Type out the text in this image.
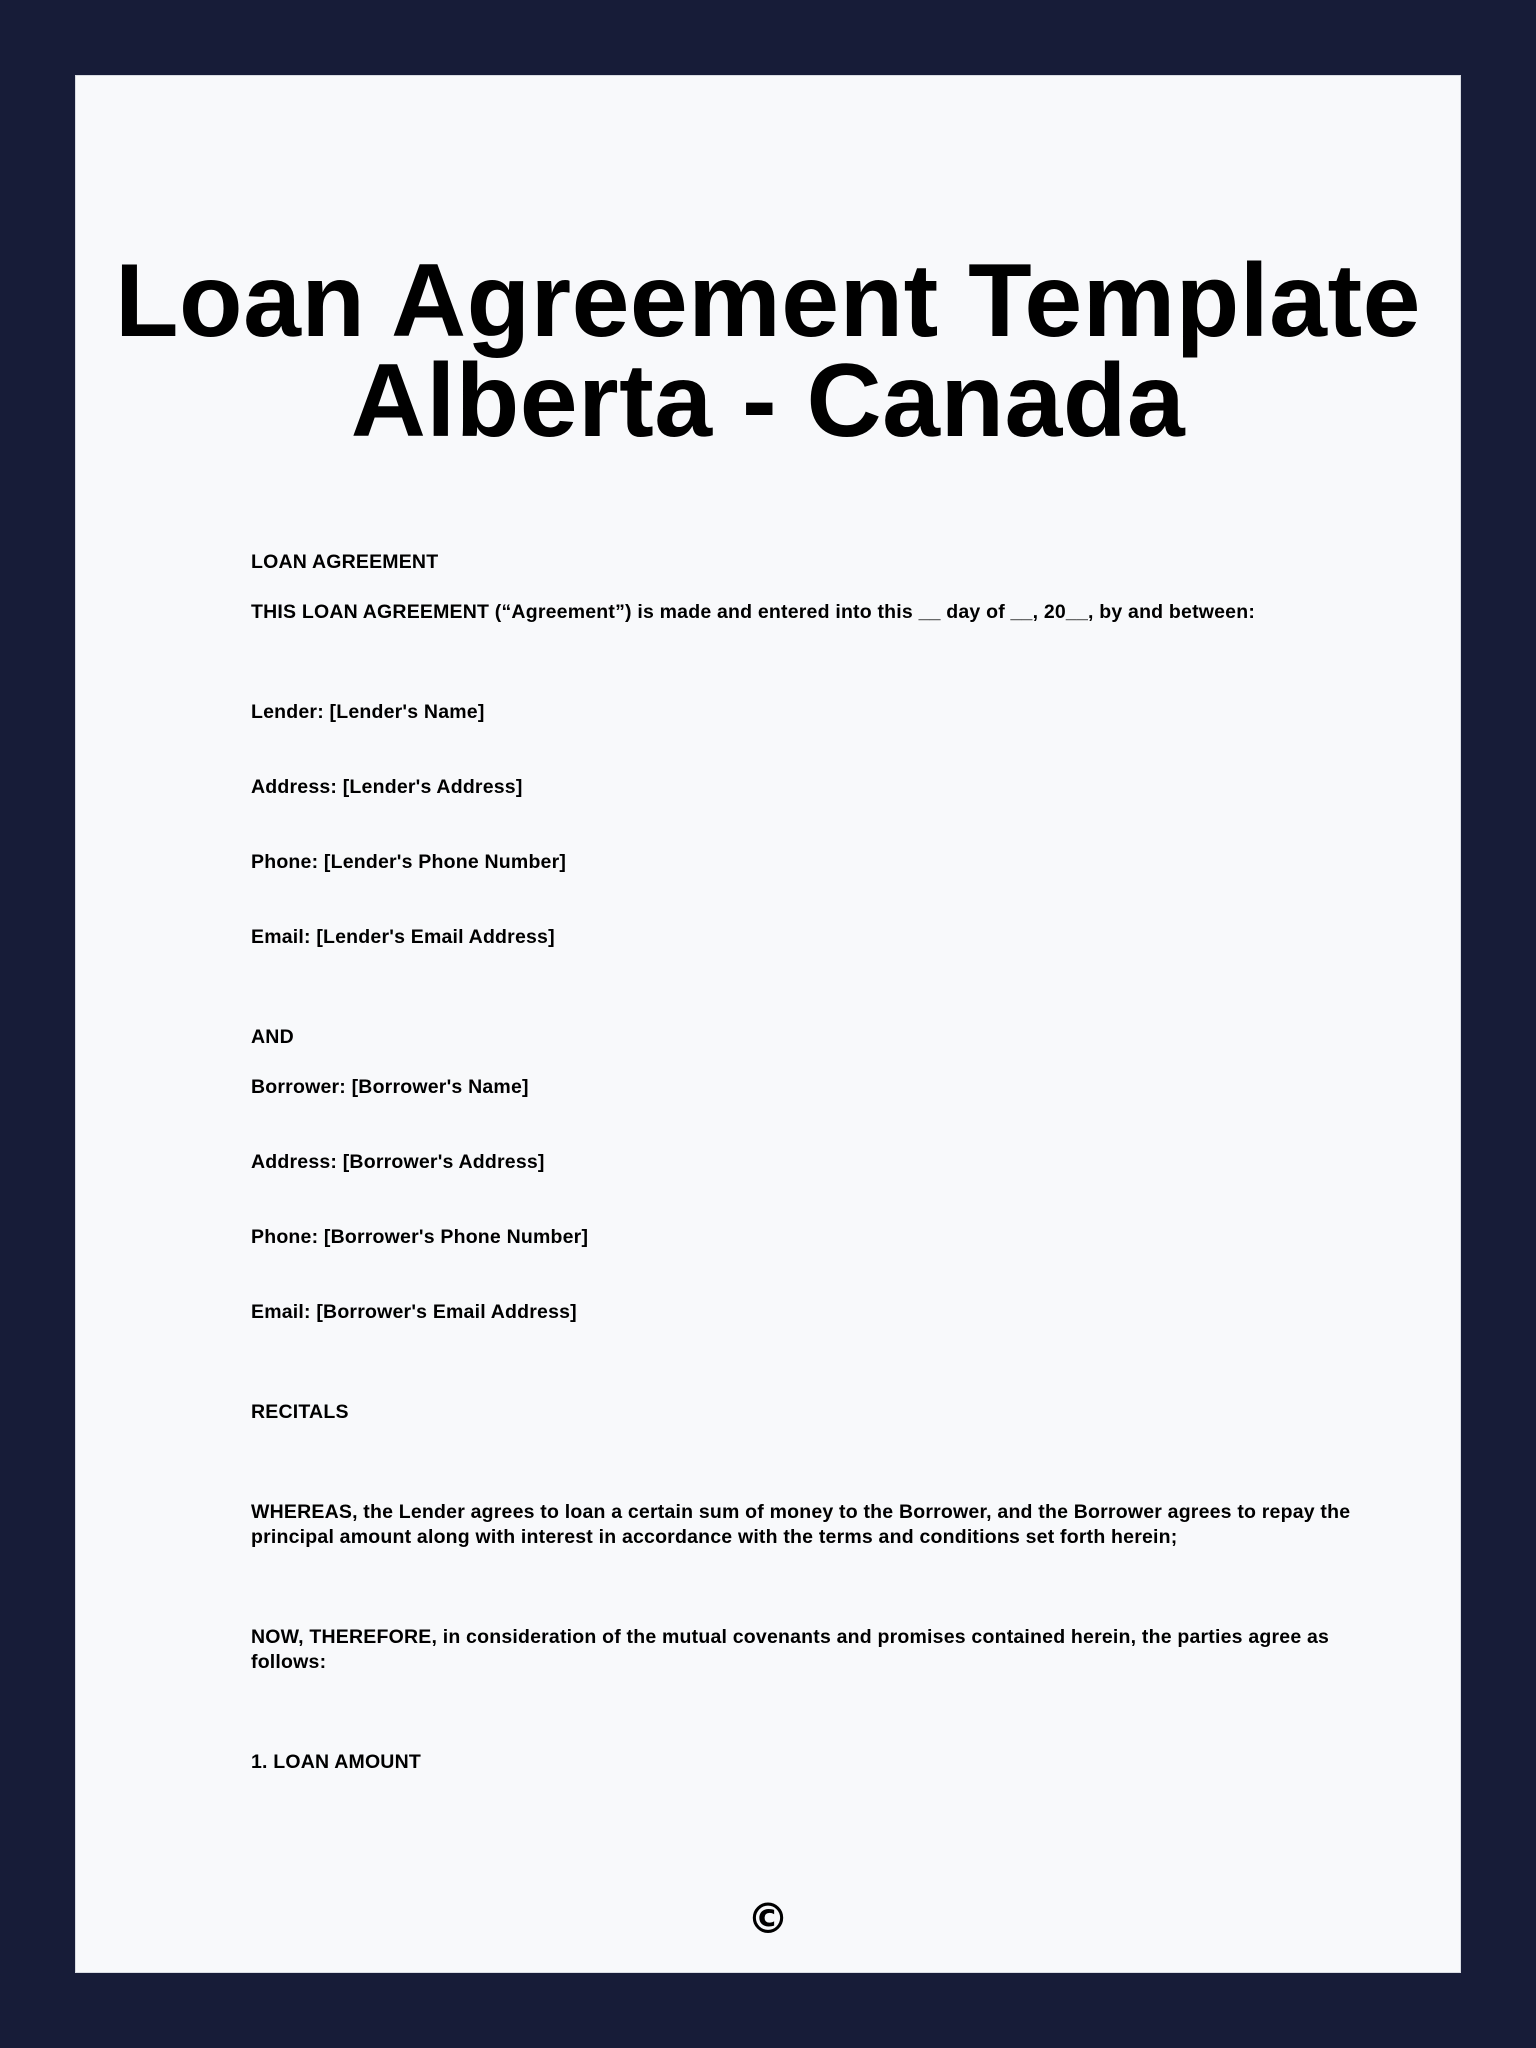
Loan Agreement Template
Alberta - Canada

LOAN AGREEMENT

THIS LOAN AGREEMENT (“Agreement”) is made and entered into this __ day of __, 20__, by and between:

Lender: [Lender's Name]

Address: [Lender's Address]

Phone: [Lender's Phone Number]

Email: [Lender's Email Address]

AND

Borrower: [Borrower's Name]

Address: [Borrower's Address]

Phone: [Borrower's Phone Number]

Email: [Borrower's Email Address]

RECITALS

WHEREAS, the Lender agrees to loan a certain sum of money to the Borrower, and the Borrower agrees to repay the principal amount along with interest in accordance with the terms and conditions set forth herein;

NOW, THEREFORE, in consideration of the mutual covenants and promises contained herein, the parties agree as follows:

1. LOAN AMOUNT

©
